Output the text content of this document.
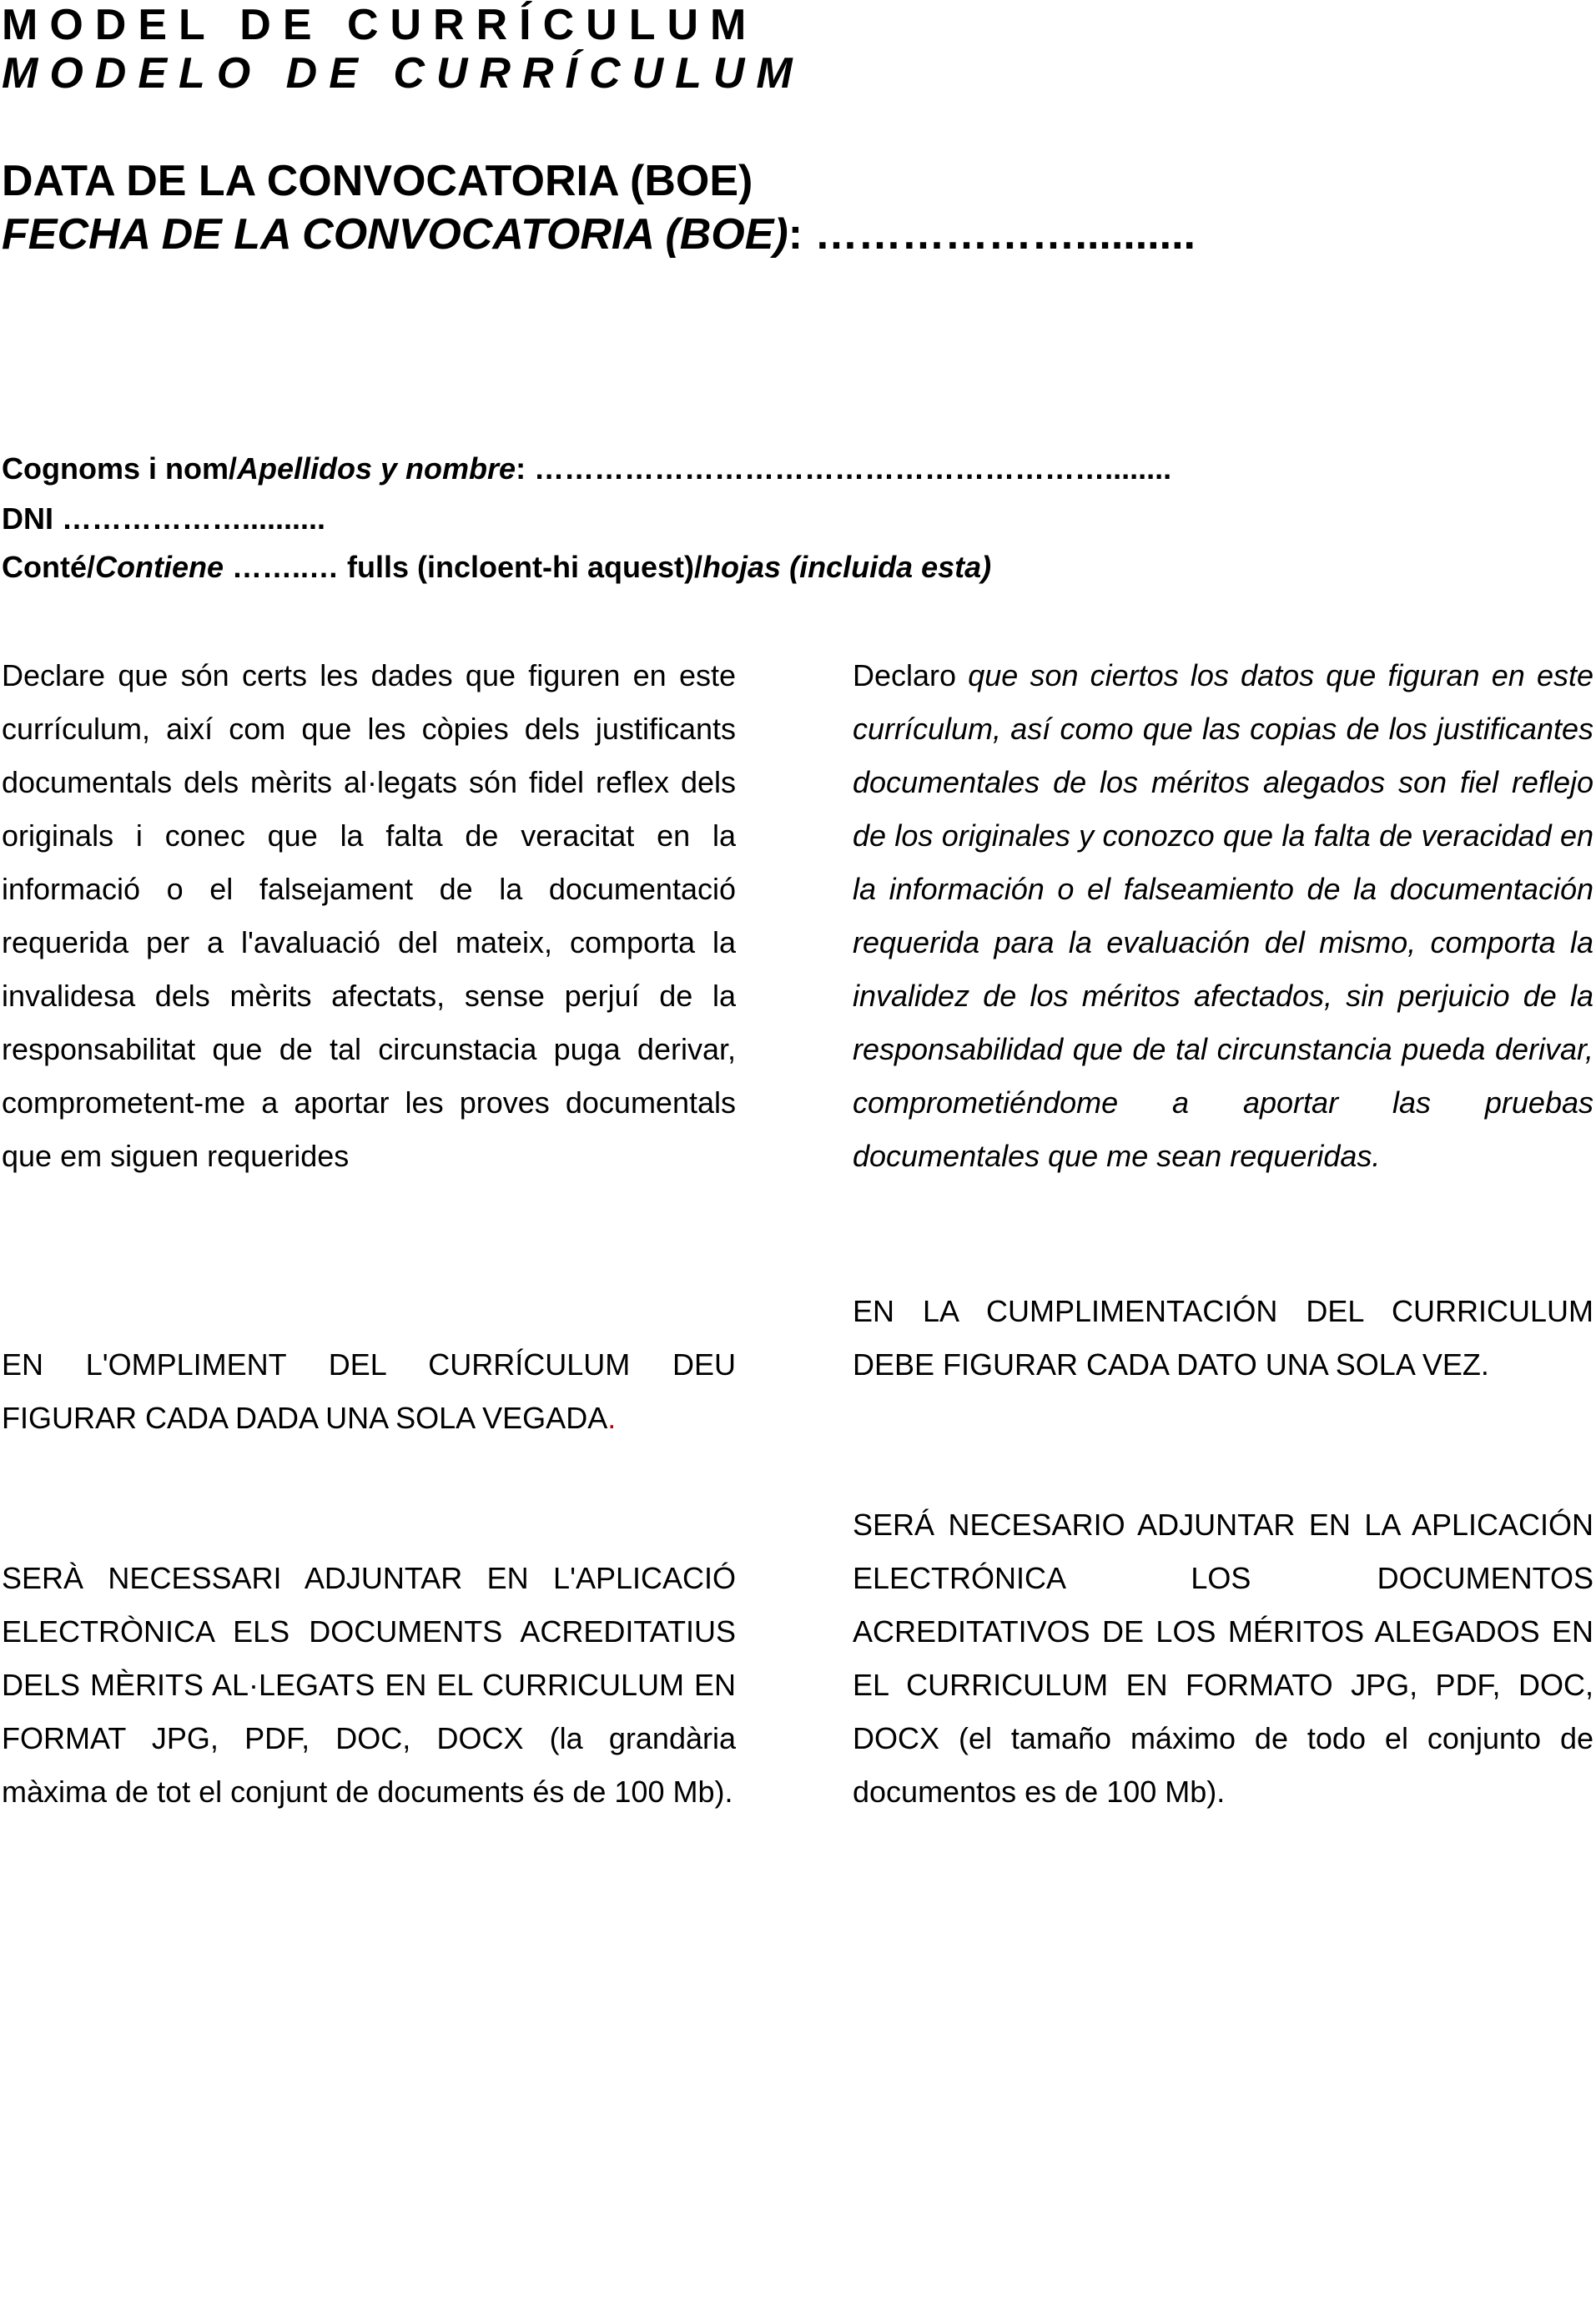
MODEL DE CURRÍCULUM
MODELO DE CURRÍCULUM
DATA DE LA CONVOCATORIA (BOE)
FECHA DE LA CONVOCATORIA (BOE): ………………..........
Cognoms i nom/Apellidos y nombre: …………………………………………………........
DNI ………………..........
Conté/Contiene ……..… fulls (incloent-hi aquest)/hojas (incluida esta)
Declare que són certs les dades que figuren en este currículum, així com que les còpies dels justificants documentals dels mèrits al·legats són fidel reflex dels originals i conec que la falta de veracitat en la informació o el falsejament de la documentació requerida per a l'avaluació del mateix, comporta la invalidesa dels mèrits afectats, sense perjuí de la responsabilitat que de tal circunstacia puga derivar, comprometent-me a aportar les proves documentals que em siguen requerides
Declaro que son ciertos los datos que figuran en este currículum, así como que las copias de los justificantes documentales de los méritos alegados son fiel reflejo de los originales y conozco que la falta de veracidad en la información o el falseamiento de la documentación requerida para la evaluación del mismo, comporta la invalidez de los méritos afectados, sin perjuicio de la responsabilidad que de tal circunstancia pueda derivar, comprometiéndome a aportar las pruebas documentales que me sean requeridas.
EN L'OMPLIMENT DEL CURRÍCULUM DEU FIGURAR CADA DADA UNA SOLA VEGADA.
EN LA CUMPLIMENTACIÓN DEL CURRICULUM DEBE FIGURAR CADA DATO UNA SOLA VEZ.
SERÀ NECESSARI ADJUNTAR EN L'APLICACIÓ ELECTRÒNICA ELS DOCUMENTS ACREDITATIUS DELS MÈRITS AL·LEGATS EN EL CURRICULUM EN FORMAT JPG, PDF, DOC, DOCX (la grandària màxima de tot el conjunt de documents és de 100 Mb).
SERÁ NECESARIO ADJUNTAR EN LA APLICACIÓN ELECTRÓNICA LOS DOCUMENTOS ACREDITATIVOS DE LOS MÉRITOS ALEGADOS EN EL CURRICULUM EN FORMATO JPG, PDF, DOC, DOCX (el tamaño máximo de todo el conjunto de documentos es de 100 Mb).
